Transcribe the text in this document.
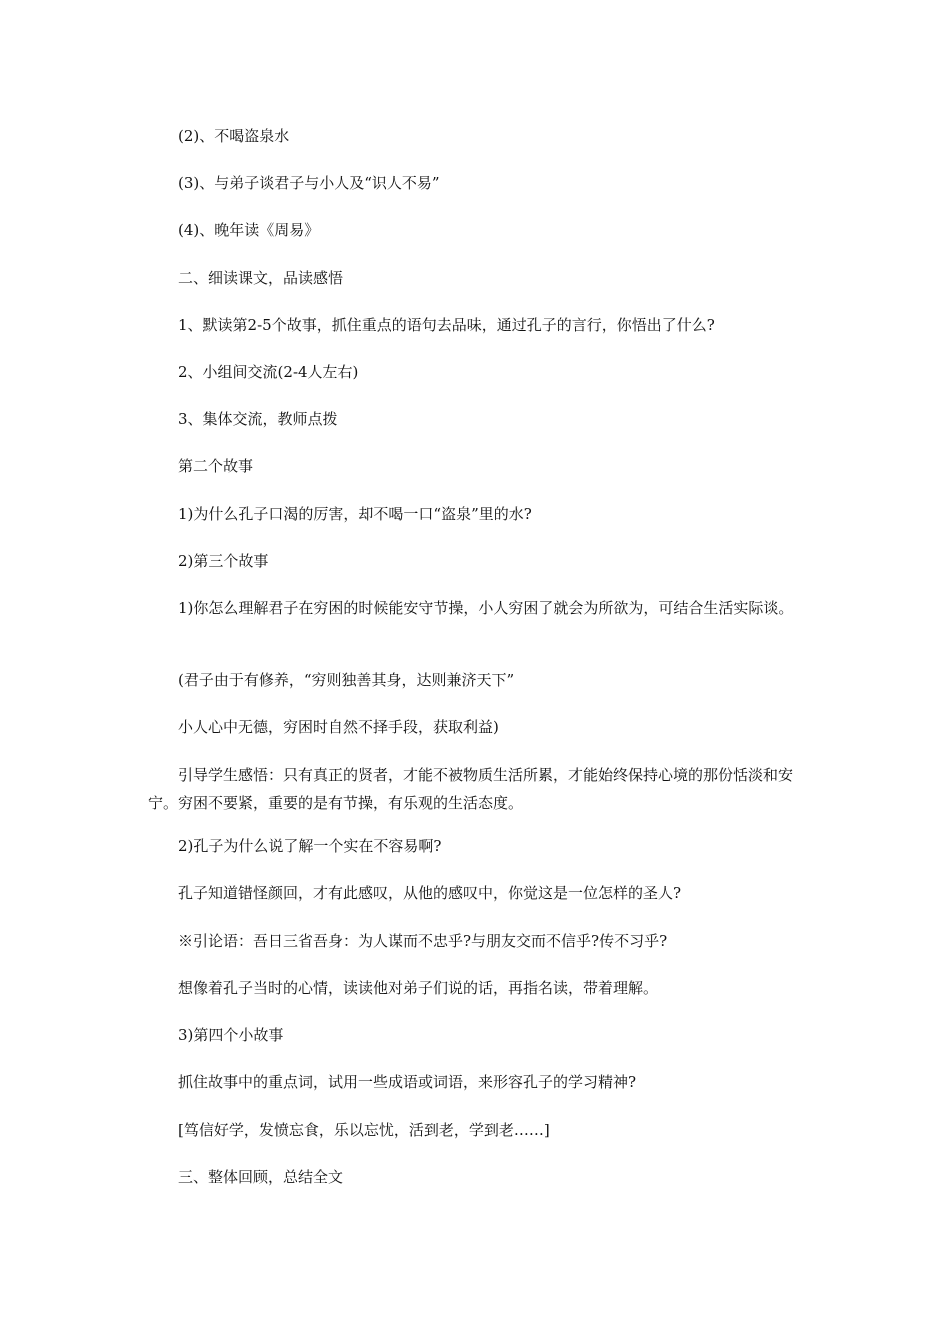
(2)、不喝盗泉水

(3)、与弟子谈君子与小人及“识人不易”

(4)、晚年读《周易》

二、细读课文，品读感悟

1、默读第2-5个故事，抓住重点的语句去品味，通过孔子的言行，你悟出了什么?

2、小组间交流(2-4人左右)

3、集体交流，教师点拨

第二个故事

1)为什么孔子口渴的厉害，却不喝一口“盗泉”里的水?

2)第三个故事

1)你怎么理解君子在穷困的时候能安守节操，小人穷困了就会为所欲为，可结合生活实际谈。

(君子由于有修养，“穷则独善其身，达则兼济天下”

小人心中无德，穷困时自然不择手段，获取利益)

引导学生感悟：只有真正的贤者，才能不被物质生活所累，才能始终保持心境的那份恬淡和安宁。穷困不要紧，重要的是有节操，有乐观的生活态度。

2)孔子为什么说了解一个实在不容易啊?

孔子知道错怪颜回，才有此感叹，从他的感叹中，你觉这是一位怎样的圣人?

※引论语：吾日三省吾身：为人谋而不忠乎?与朋友交而不信乎?传不习乎?

想像着孔子当时的心情，读读他对弟子们说的话，再指名读，带着理解。

3)第四个小故事

抓住故事中的重点词，试用一些成语或词语，来形容孔子的学习精神?

[笃信好学，发愤忘食，乐以忘忧，活到老，学到老……]

三、整体回顾，总结全文
